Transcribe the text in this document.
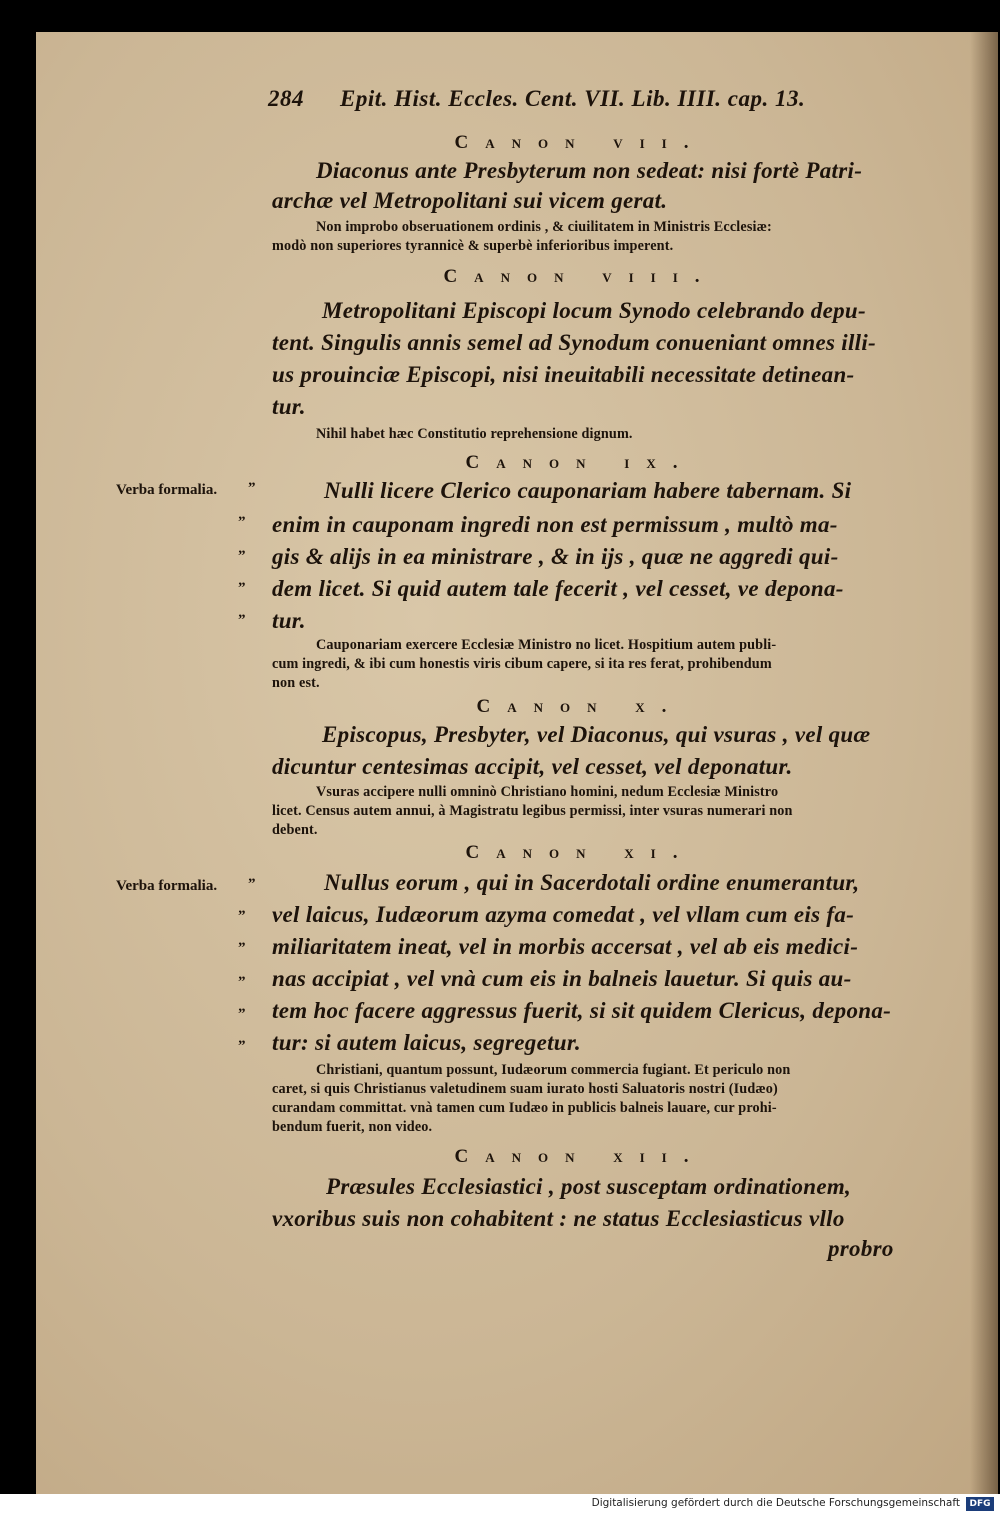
284 Epit. Hist. Eccles. Cent. VII. Lib. IIII. cap. 13.
Canon vii.
Diaconus ante Presbyterum non sedeat: nisi fortè Patri-
archæ vel Metropolitani sui vicem gerat.
Non improbo obseruationem ordinis , & ciuilitatem in Ministris Ecclesiæ:
modò non superiores tyrannicè & superbè inferioribus imperent.
Canon viii.
Metropolitani Episcopi locum Synodo celebrando depu-
tent. Singulis annis semel ad Synodum conueniant omnes illi-
us prouinciæ Episcopi, nisi ineuitabili necessitate detinean-
tur.
Nihil habet hæc Constitutio reprehensione dignum.
Canon ix.
Verba formalia. ”
”
”
”
”
Nulli licere Clerico cauponariam habere tabernam. Si
enim in cauponam ingredi non est permissum , multò ma-
gis & alijs in ea ministrare , & in ijs , quæ ne aggredi qui-
dem licet. Si quid autem tale fecerit , vel cesset, ve depona-
tur.
Cauponariam exercere Ecclesiæ Ministro no licet. Hospitium autem publi-
cum ingredi, & ibi cum honestis viris cibum capere, si ita res ferat, prohibendum
non est.
Canon x.
Episcopus, Presbyter, vel Diaconus, qui vsuras , vel quæ
dicuntur centesimas accipit, vel cesset, vel deponatur.
Vsuras accipere nulli omninò Christiano homini, nedum Ecclesiæ Ministro
licet. Census autem annui, à Magistratu legibus permissi, inter vsuras numerari non
debent.
Canon xi.
Verba formalia. ”
”
”
”
”
”
Nullus eorum , qui in Sacerdotali ordine enumerantur,
vel laicus, Iudæorum azyma comedat , vel vllam cum eis fa-
miliaritatem ineat, vel in morbis accersat , vel ab eis medici-
nas accipiat , vel vnà cum eis in balneis lauetur. Si quis au-
tem hoc facere aggressus fuerit, si sit quidem Clericus, depona-
tur: si autem laicus, segregetur.
Christiani, quantum possunt, Iudæorum commercia fugiant. Et periculo non
caret, si quis Christianus valetudinem suam iurato hosti Saluatoris nostri (Iudæo)
curandam committat. vnà tamen cum Iudæo in publicis balneis lauare, cur prohi-
bendum fuerit, non video.
Canon xii.
Præsules Ecclesiastici , post susceptam ordinationem,
vxoribus suis non cohabitent : ne status Ecclesiasticus vllo
probro
Digitalisierung gefördert durch die Deutsche Forschungsgemeinschaft	DFG
